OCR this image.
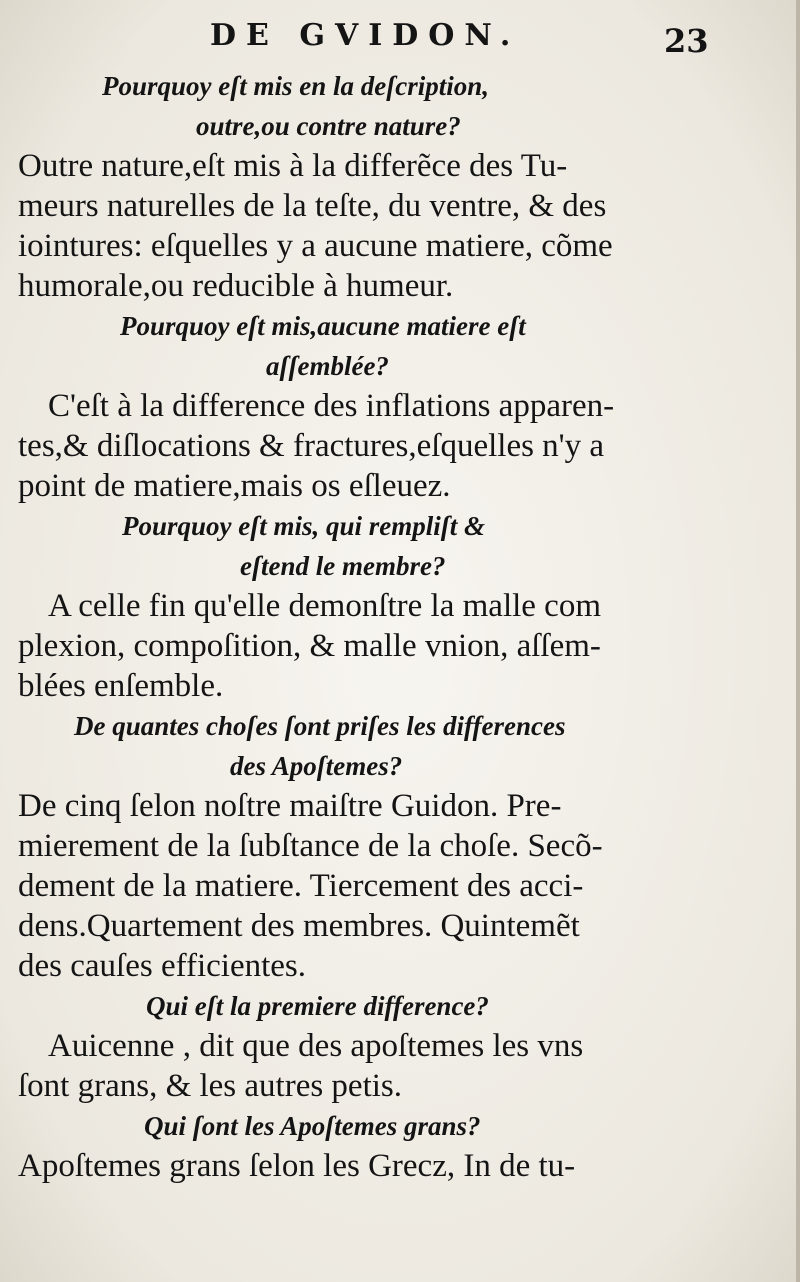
DE GVIDON.	23
Pourquoy eſt mis en la deſcription,
outre,ou contre nature?
Outre nature,eſt mis à la differẽce des Tu-
meurs naturelles de la teſte, du ventre, & des
iointures: eſquelles y a aucune matiere, cõme
humorale,ou reducible à humeur.
Pourquoy eſt mis,aucune matiere eſt
aſſemblée?
C'eſt à la difference des inflations apparen-
tes,& diſlocations & fractures,eſquelles n'y a
point de matiere,mais os eſleuez.
Pourquoy eſt mis, qui rempliſt &
eſtend le membre?
A celle fin qu'elle demonſtre la malle com
plexion, compoſition, & malle vnion, aſſem-
blées enſemble.
De quantes choſes ſont priſes les differences
des Apoſtemes?
De cinq ſelon noſtre maiſtre Guidon. Pre-
mierement de la ſubſtance de la choſe. Secõ-
dement de la matiere. Tiercement des acci-
dens.Quartement des membres. Quintemẽt
des cauſes efficientes.
Qui eſt la premiere difference?
Auicenne , dit que des apoſtemes les vns
ſont grans, & les autres petis.
Qui ſont les Apoſtemes grans?
Apoſtemes grans ſelon les Grecz, In de tu-
